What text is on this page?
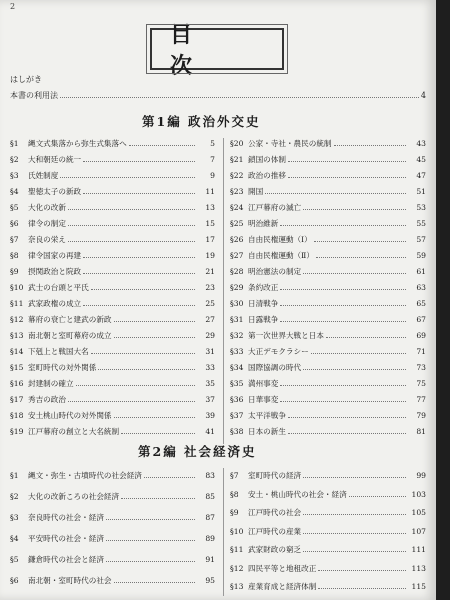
2
目　次
はしがき
本書の利用法	4
第1編 政治外交史
§1	縄文式集落から弥生式集落へ	5
§2	大和朝廷の統一	7
§3	氏姓制度	9
§4	聖徳太子の新政	11
§5	大化の改新	13
§6	律令の制定	15
§7	奈良の栄え	17
§8	律令国家の再建	19
§9	摂関政治と院政	21
§10 武士の台頭と平氏	23
§11 武家政権の成立	25
§12 幕府の衰亡と建武の新政	27
§13 南北朝と室町幕府の成立	29
§14 下剋上と戦国大名	31
§15 室町時代の対外関係	33
§16 封建制の確立	35
§17 秀吉の政治	37
§18 安土桃山時代の対外関係	39
§19 江戸幕府の創立と大名統制	41
§20 公家・寺社・農民の統制	43
§21 鎖国の体制	45
§22 政治の推移	47
§23 開国	51
§24 江戸幕府の滅亡	53
§25 明治維新	55
§26 自由民権運動（Ⅰ）	57
§27 自由民権運動（Ⅱ）	59
§28 明治憲法の制定	61
§29 条約改正	63
§30 日清戦争	65
§31 日露戦争	67
§32 第一次世界大戦と日本	69
§33 大正デモクラシー	71
§34 国際協調の時代	73
§35 満州事変	75
§36 日華事変	77
§37 太平洋戦争	79
§38 日本の新生	81
第2編 社会経済史
§1	縄文・弥生・古墳時代の社会経済	83
§2	大化の改新ころの社会経済	85
§3	奈良時代の社会・経済	87
§4	平安時代の社会・経済	89
§5	鎌倉時代の社会と経済	91
§6	南北朝・室町時代の社会	95
§7	室町時代の経済	99
§8	安土・桃山時代の社会・経済	103
§9	江戸時代の社会	105
§10 江戸時代の産業	107
§11 武家財政の窮乏	111
§12 四民平等と地租改正	113
§13 産業育成と経済体制	115
